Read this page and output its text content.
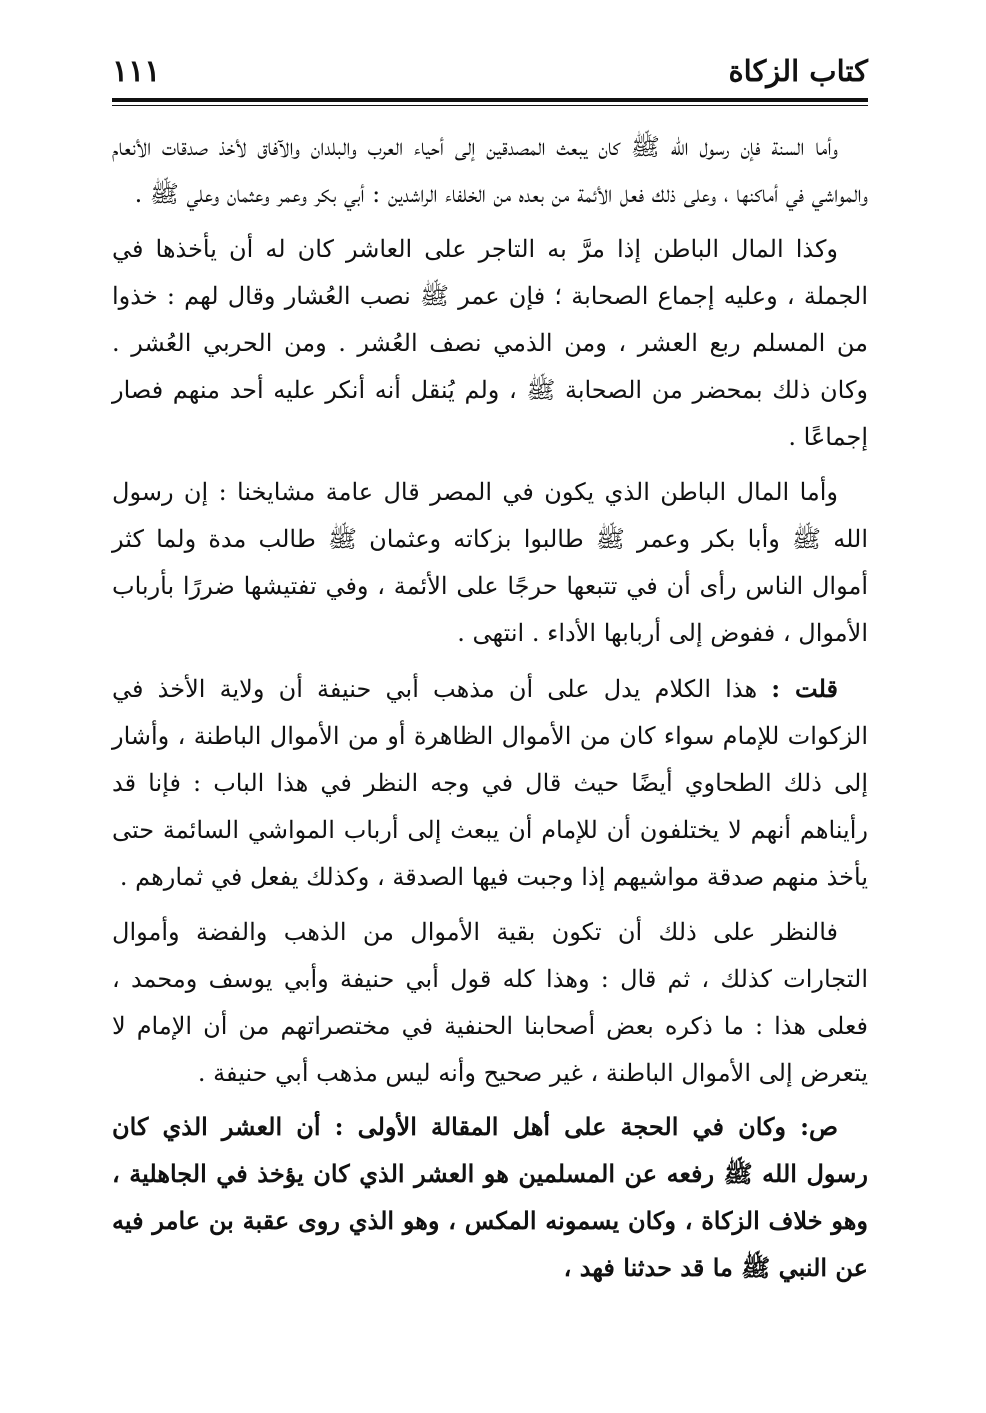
كتاب الزكاة
١١١

وأما السنة فإن رسول الله ﷺ كان يبعث المصدقين إلى أحياء العرب والبلدان والآفاق لأخذ صدقات الأنعام والمواشي في أماكنها ، وعلى ذلك فعل الأئمة من بعده من الخلفاء الراشدين : أبي بكر وعمر وعثمان وعلي ﷺ .

وكذا المال الباطن إذا مرَّ به التاجر على العاشر كان له أن يأخذها في الجملة ، وعليه إجماع الصحابة ؛ فإن عمر ﷺ نصب العُشار وقال لهم : خذوا من المسلم ربع العشر ، ومن الذمي نصف العُشر . ومن الحربي العُشر . وكان ذلك بمحضر من الصحابة ﷺ ، ولم يُنقل أنه أنكر عليه أحد منهم فصار إجماعًا .

وأما المال الباطن الذي يكون في المصر قال عامة مشايخنا : إن رسول الله ﷺ وأبا بكر وعمر ﷺ طالبوا بزكاته وعثمان ﷺ طالب مدة ولما كثر أموال الناس رأى أن في تتبعها حرجًا على الأئمة ، وفي تفتيشها ضررًا بأرباب الأموال ، ففوض إلى أربابها الأداء . انتهى .

قلت : هذا الكلام يدل على أن مذهب أبي حنيفة أن ولاية الأخذ في الزكوات للإمام سواء كان من الأموال الظاهرة أو من الأموال الباطنة ، وأشار إلى ذلك الطحاوي أيضًا حيث قال في وجه النظر في هذا الباب : فإنا قد رأيناهم أنهم لا يختلفون أن للإمام أن يبعث إلى أرباب المواشي السائمة حتى يأخذ منهم صدقة مواشيهم إذا وجبت فيها الصدقة ، وكذلك يفعل في ثمارهم .

فالنظر على ذلك أن تكون بقية الأموال من الذهب والفضة وأموال التجارات كذلك ، ثم قال : وهذا كله قول أبي حنيفة وأبي يوسف ومحمد ، فعلى هذا : ما ذكره بعض أصحابنا الحنفية في مختصراتهم من أن الإمام لا يتعرض إلى الأموال الباطنة ، غير صحيح وأنه ليس مذهب أبي حنيفة .

ص: وكان في الحجة على أهل المقالة الأولى : أن العشر الذي كان رسول الله ﷺ رفعه عن المسلمين هو العشر الذي كان يؤخذ في الجاهلية ، وهو خلاف الزكاة ، وكان يسمونه المكس ، وهو الذي روى عقبة بن عامر فيه عن النبي ﷺ ما قد حدثنا فهد ،
